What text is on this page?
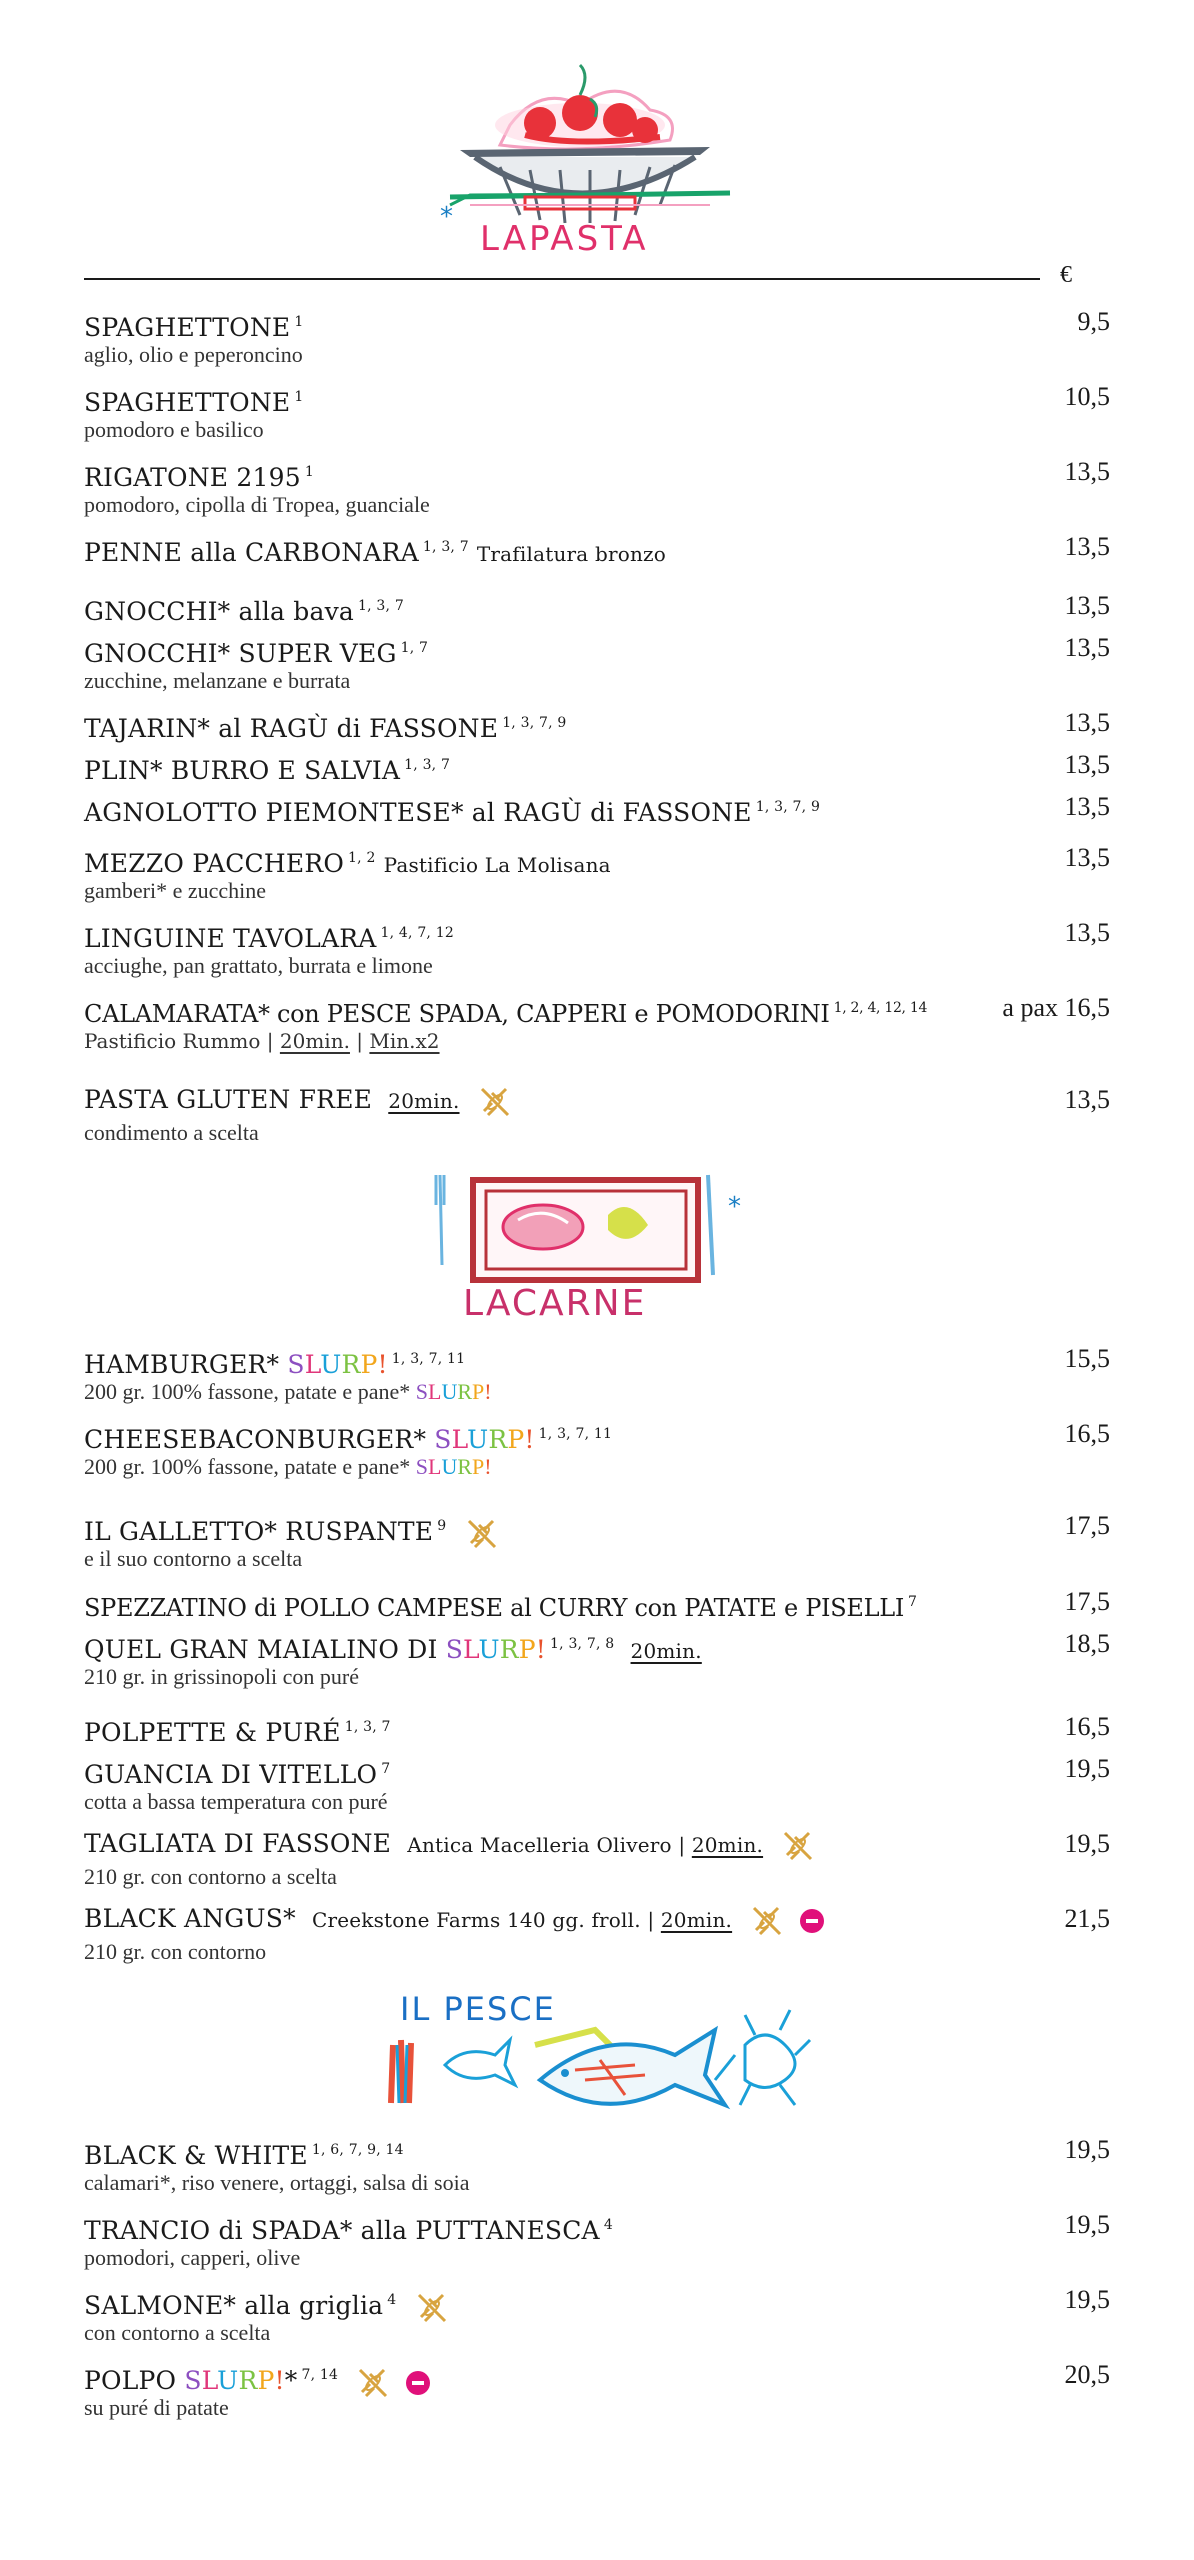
*
LAPASTA
€
SPAGHETTONE $^1$	9,5
aglio, olio e peperoncino
SPAGHETTONE $^1$	10,5
pomodoro e basilico
RIGATONE 2195 $^1$	13,5
pomodoro, cipolla di Tropea, guanciale
PENNE alla CARBONARA $^{1, 3, 7}$ Trafilatura bronzo	13,5
GNOCCHI* alla bava $^{1, 3, 7}$	13,5
GNOCCHI* SUPER VEG $^{1, 7}$	13,5
zucchine, melanzane e burrata
TAJARIN* al RAGÙ di FASSONE $^{1, 3, 7, 9}$	13,5
PLIN* BURRO E SALVIA $^{1, 3, 7}$	13,5
AGNOLOTTO PIEMONTESE* al RAGÙ di FASSONE $^{1, 3, 7, 9}$	13,5
MEZZO PACCHERO $^{1, 2}$ Pastificio La Molisana	13,5
gamberi* e zucchine
LINGUINE TAVOLARA $^{1, 4, 7, 12}$	13,5
acciughe, pan grattato, burrata e limone
CALAMARATA* con PESCE SPADA, CAPPERI e POMODORINI $^{1, 2, 4, 12, 14}$	a pax 16,5
Pastificio Rummo | 20min. | Min.x2
PASTA GLUTEN FREE 20min.	13,5
condimento a scelta
*
LACARNE
HAMBURGER* SLURP! $^{1, 3, 7, 11}$	15,5
200 gr. 100% fassone, patate e pane* SLURP!
CHEESEBACONBURGER* SLURP! $^{1, 3, 7, 11}$	16,5
200 gr. 100% fassone, patate e pane* SLURP!
IL GALLETTO* RUSPANTE $^9$	17,5
e il suo contorno a scelta
SPEZZATINO di POLLO CAMPESE al CURRY con PATATE e PISELLI $^7$	17,5
QUEL GRAN MAIALINO DI SLURP! $^{1, 3, 7, 8}$ 20min.	18,5
210 gr. in grissinopoli con puré
POLPETTE & PURÉ $^{1, 3, 7}$	16,5
GUANCIA DI VITELLO $^7$	19,5
cotta a bassa temperatura con puré
TAGLIATA DI FASSONE Antica Macelleria Olivero | 20min.	19,5
210 gr. con contorno a scelta
BLACK ANGUS* Creekstone Farms 140 gg. froll. | 20min.	21,5
210 gr. con contorno
IL PESCE
BLACK & WHITE $^{1, 6, 7, 9, 14}$	19,5
calamari*, riso venere, ortaggi, salsa di soia
TRANCIO di SPADA* alla PUTTANESCA $^4$	19,5
pomodori, capperi, olive
SALMONE* alla griglia $^4$	19,5
con contorno a scelta
POLPO SLURP!* $^{7, 14}$	20,5
su puré di patate
